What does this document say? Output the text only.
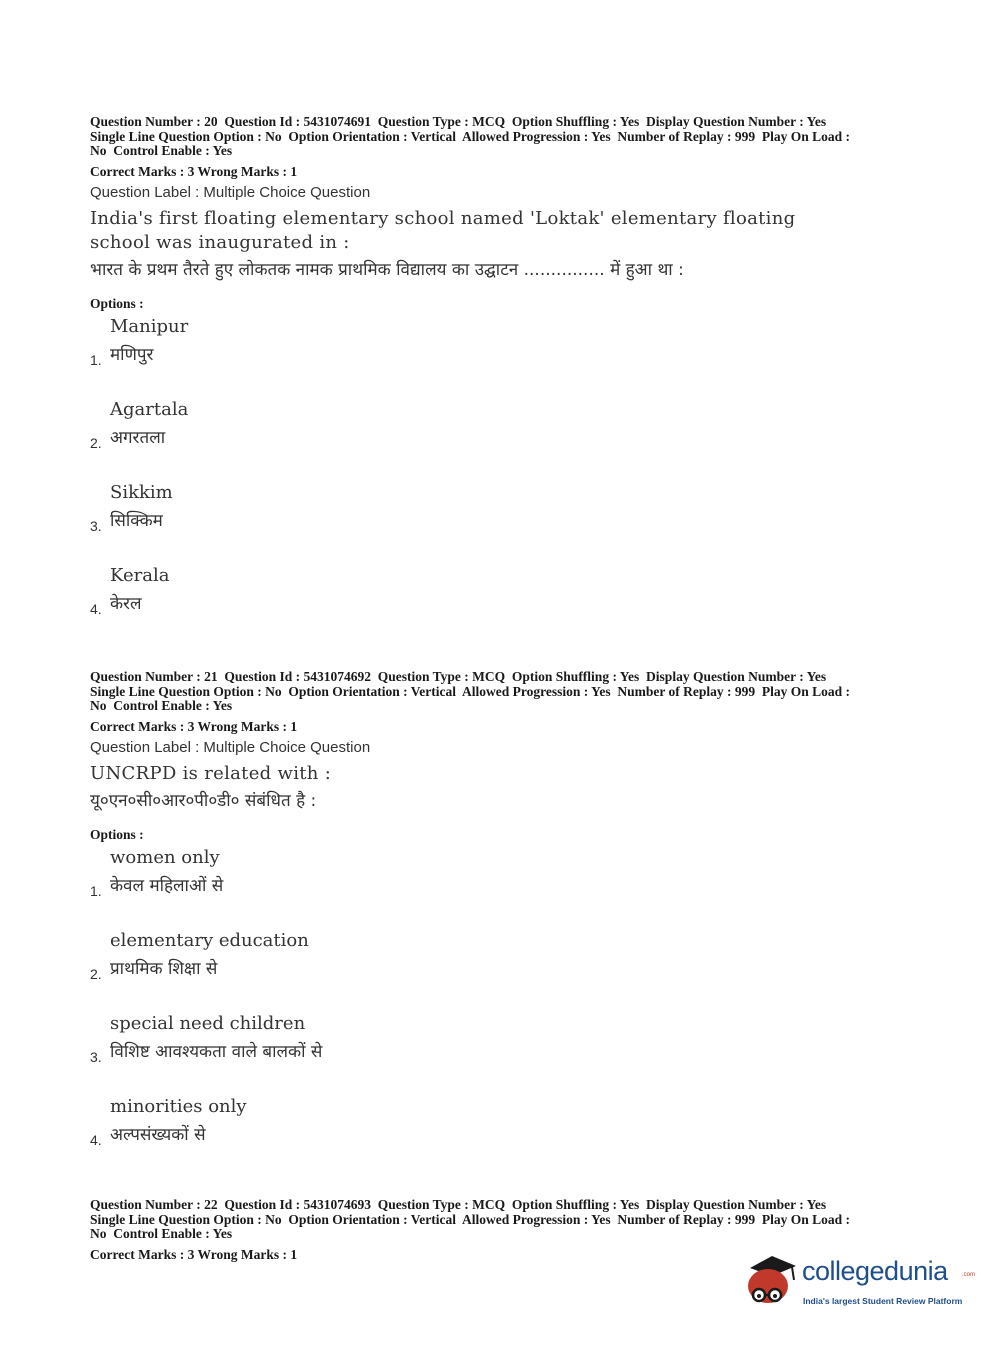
Question Number : 20  Question Id : 5431074691  Question Type : MCQ  Option Shuffling : Yes  Display Question Number : Yes
Single Line Question Option : No  Option Orientation : Vertical  Allowed Progression : Yes  Number of Replay : 999  Play On Load :
No  Control Enable : Yes
Correct Marks : 3 Wrong Marks : 1
Question Label : Multiple Choice Question
India's first floating elementary school named 'Loktak' elementary floating
school was inaugurated in :
भारत के प्रथम तैरते हुए लोकतक नामक प्राथमिक विद्यालय का उद्घाटन ............... में हुआ था :
Options :
Manipur
मणिपुर
1.
Agartala
अगरतला
2.
Sikkim
सिक्किम
3.
Kerala
केरल
4.
Question Number : 21  Question Id : 5431074692  Question Type : MCQ  Option Shuffling : Yes  Display Question Number : Yes
Single Line Question Option : No  Option Orientation : Vertical  Allowed Progression : Yes  Number of Replay : 999  Play On Load :
No  Control Enable : Yes
Correct Marks : 3 Wrong Marks : 1
Question Label : Multiple Choice Question
UNCRPD is related with :
यू०एन०सी०आर०पी०डी० संबंधित है :
Options :
women only
केवल महिलाओं से
1.
elementary education
प्राथमिक शिक्षा से
2.
special need children
विशिष्ट आवश्यकता वाले बालकों से
3.
minorities only
अल्पसंख्यकों से
4.
Question Number : 22  Question Id : 5431074693  Question Type : MCQ  Option Shuffling : Yes  Display Question Number : Yes
Single Line Question Option : No  Option Orientation : Vertical  Allowed Progression : Yes  Number of Replay : 999  Play On Load :
No  Control Enable : Yes
Correct Marks : 3 Wrong Marks : 1
collegedunia .com
India's largest Student Review Platform
